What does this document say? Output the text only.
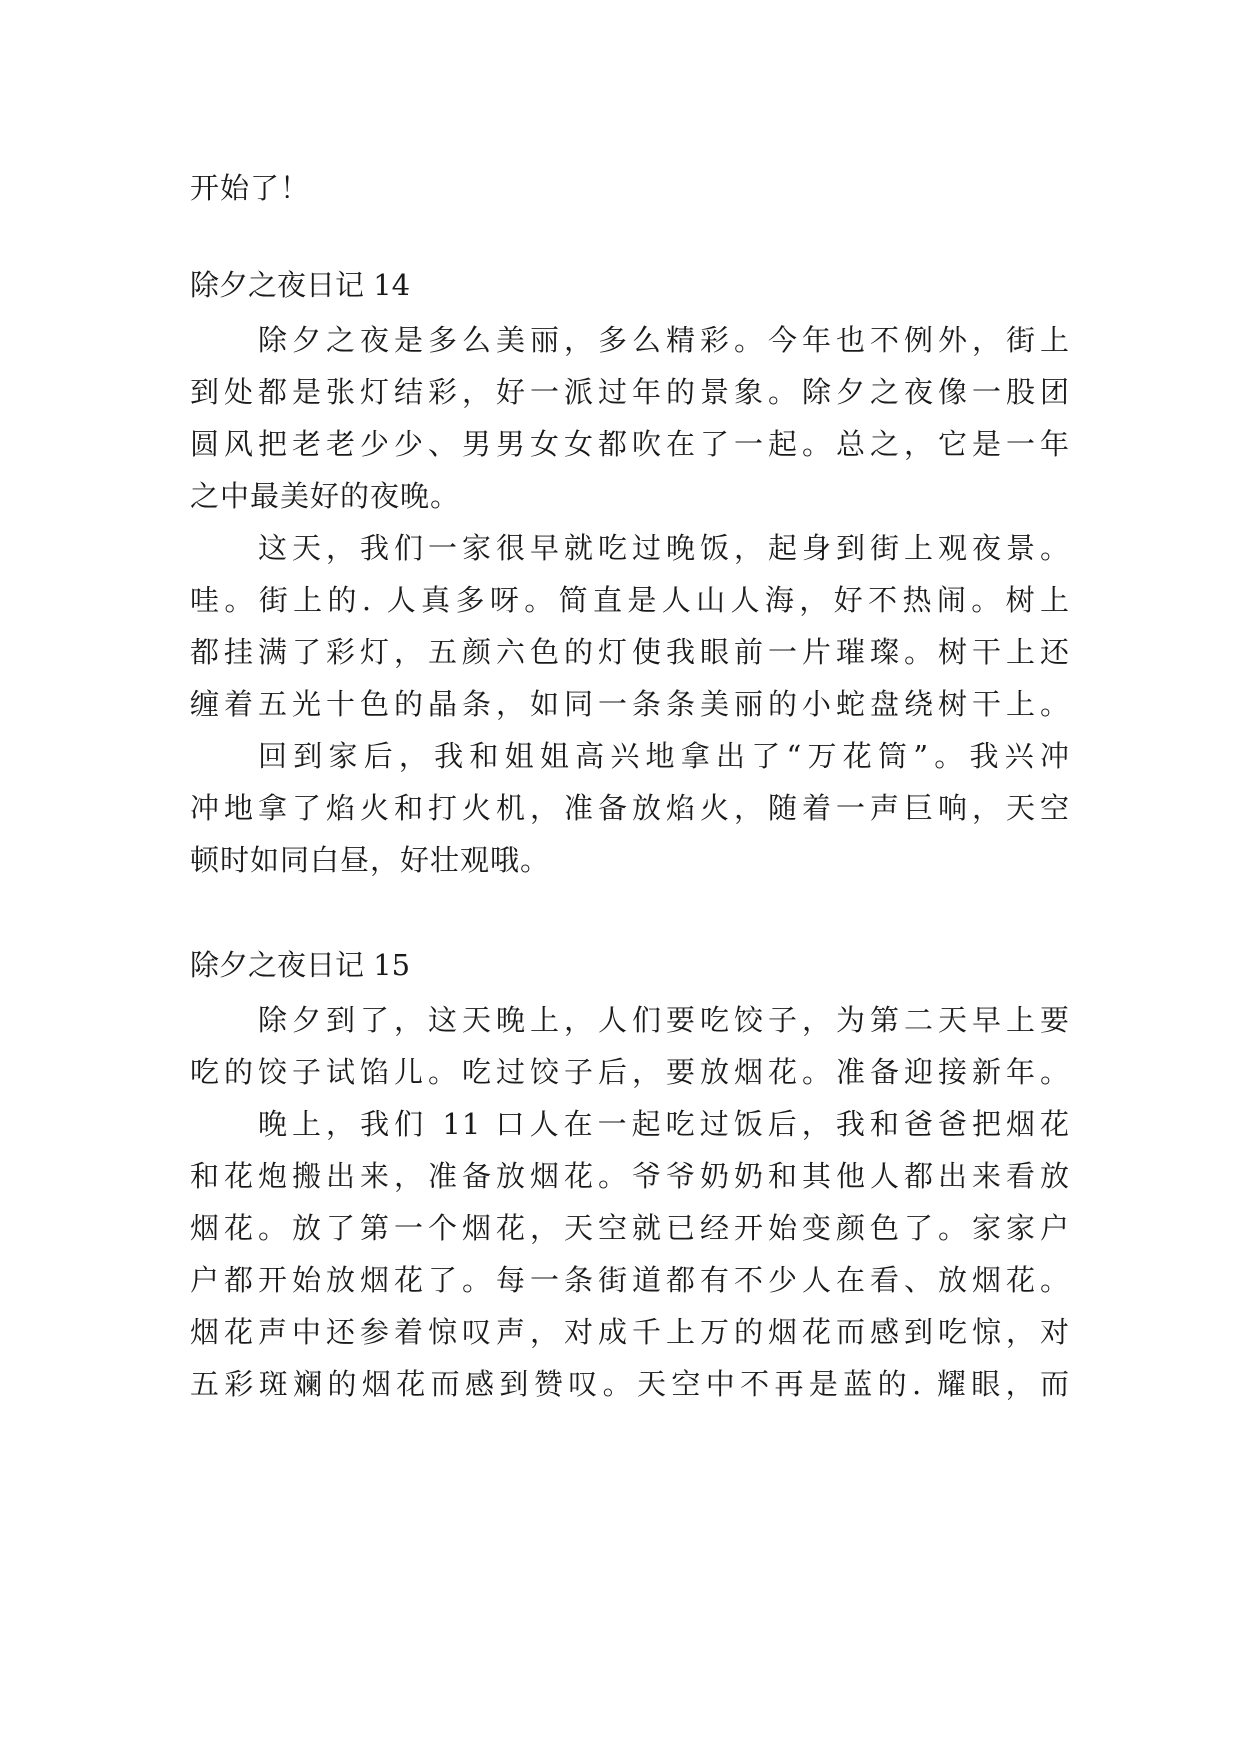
开始了！
除夕之夜日记 14
除夕之夜是多么美丽，多么精彩。今年也不例外，街上
到处都是张灯结彩，好一派过年的景象。除夕之夜像一股团
圆风把老老少少、男男女女都吹在了一起。总之，它是一年
之中最美好的夜晚。
这天，我们一家很早就吃过晚饭，起身到街上观夜景。
哇。街上的. 人真多呀。简直是人山人海，好不热闹。树上
都挂满了彩灯，五颜六色的灯使我眼前一片璀璨。树干上还
缠着五光十色的晶条，如同一条条美丽的小蛇盘绕树干上。
回到家后，我和姐姐高兴地拿出了“万花筒”。我兴冲
冲地拿了焰火和打火机，准备放焰火，随着一声巨响，天空
顿时如同白昼，好壮观哦。
除夕之夜日记 15
除夕到了，这天晚上，人们要吃饺子，为第二天早上要
吃的饺子试馅儿。吃过饺子后，要放烟花。准备迎接新年。
晚上，我们 11 口人在一起吃过饭后，我和爸爸把烟花
和花炮搬出来，准备放烟花。爷爷奶奶和其他人都出来看放
烟花。放了第一个烟花，天空就已经开始变颜色了。家家户
户都开始放烟花了。每一条街道都有不少人在看、放烟花。
烟花声中还参着惊叹声，对成千上万的烟花而感到吃惊，对
五彩斑斓的烟花而感到赞叹。天空中不再是蓝的. 耀眼，而
